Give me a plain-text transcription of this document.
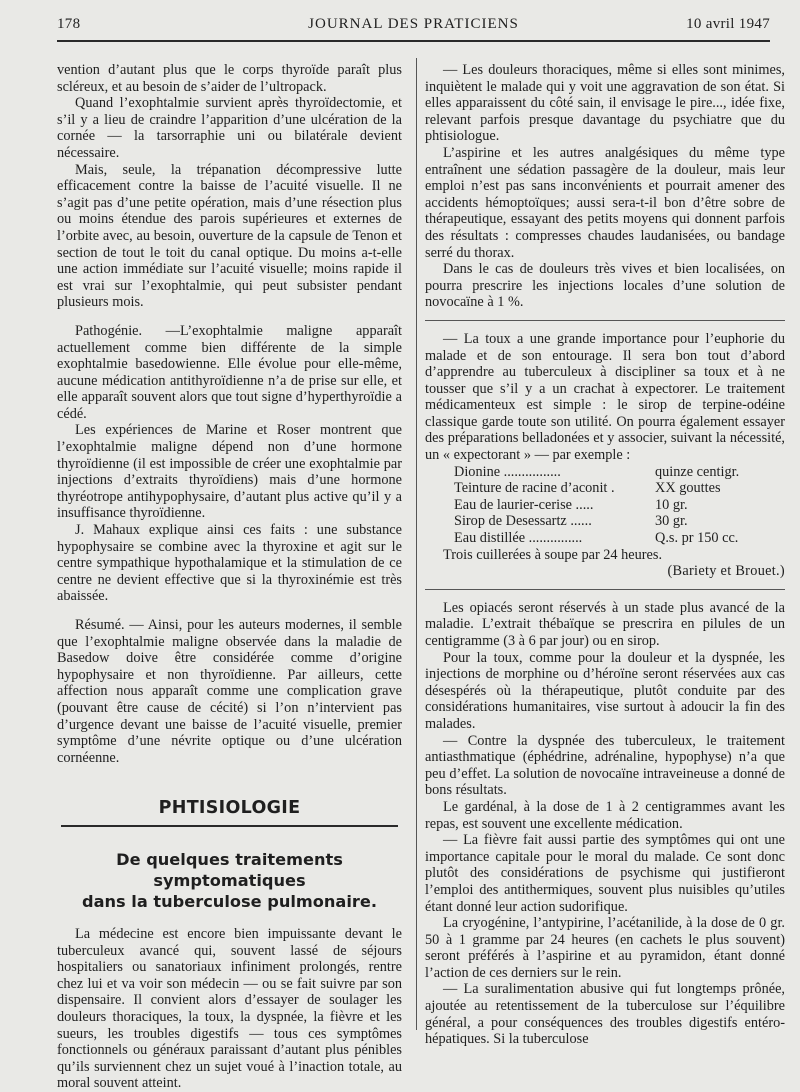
178	JOURNAL DES PRATICIENS	10 avril 1947

vention d’autant plus que le corps thyroïde paraît plus scléreux, et au besoin de s’aider de l’ultropack.

Quand l’exophtalmie survient après thyroïdectomie, et s’il y a lieu de craindre l’apparition d’une ulcération de la cornée — la tarsorraphie uni ou bilatérale devient nécessaire.

Mais, seule, la trépanation décompressive lutte efficacement contre la baisse de l’acuité visuelle. Il ne s’agit pas d’une petite opération, mais d’une résection plus ou moins étendue des parois supérieures et externes de l’orbite avec, au besoin, ouverture de la capsule de Tenon et section de tout le toit du canal optique. Du moins a-t-elle une action immédiate sur l’acuité visuelle; moins rapide il est vrai sur l’exophtalmie, qui peut subsister pendant plusieurs mois.

Pathogénie. —L’exophtalmie maligne apparaît actuellement comme bien différente de la simple exophtalmie basedowienne. Elle évolue pour elle-même, aucune médication antithyroïdienne n’a de prise sur elle, et elle apparaît souvent alors que tout signe d’hyperthyroïdie a cédé.

Les expériences de Marine et Roser montrent que l’exophtalmie maligne dépend non d’une hormone thyroïdienne (il est impossible de créer une exophtalmie par injections d’extraits thyroïdiens) mais d’une hormone thyréotrope antihypophysaire, d’autant plus active qu’il y a insuffisance thyroïdienne.

J. Mahaux explique ainsi ces faits : une substance hypophysaire se combine avec la thyroxine et agit sur le centre sympathique hypothalamique et la stimulation de ce centre ne devient effective que si la thyroxinémie est très abaissée.

Résumé. — Ainsi, pour les auteurs modernes, il semble que l’exophtalmie maligne observée dans la maladie de Basedow doive être considérée comme d’origine hypophysaire et non thyroïdienne. Par ailleurs, cette affection nous apparaît comme une complication grave (pouvant être cause de cécité) si l’on n’intervient pas d’urgence devant une baisse de l’acuité visuelle, premier symptôme d’une névrite optique ou d’une ulcération cornéenne.

PHTISIOLOGIE
De quelques traitements symptomatiques
dans la tuberculose pulmonaire.

La médecine est encore bien impuissante devant le tuberculeux avancé qui, souvent lassé de séjours hospitaliers ou sanatoriaux infiniment prolongés, rentre chez lui et va voir son médecin — ou se fait suivre par son dispensaire. Il convient alors d’essayer de soulager les douleurs thoraciques, la toux, la dyspnée, la fièvre et les sueurs, les troubles digestifs — tous ces symptômes fonctionnels ou généraux paraissant d’autant plus pénibles qu’ils surviennent chez un sujet voué à l’inaction totale, au moral souvent atteint.

— Les douleurs thoraciques, même si elles sont minimes, inquiètent le malade qui y voit une aggravation de son état. Si elles apparaissent du côté sain, il envisage le pire..., idée fixe, relevant parfois presque davantage du psychiatre que du phtisiologue.

L’aspirine et les autres analgésiques du même type entraînent une sédation passagère de la douleur, mais leur emploi n’est pas sans inconvénients et pourrait amener des accidents hémoptoïques; aussi sera-t-il bon d’être sobre de thérapeutique, essayant des petits moyens qui donnent parfois des résultats : compresses chaudes laudanisées, ou bandage serré du thorax.

Dans le cas de douleurs très vives et bien localisées, on pourra prescrire les injections locales d’une solution de novocaïne à 1 %.

— La toux a une grande importance pour l’euphorie du malade et de son entourage. Il sera bon tout d’abord d’apprendre au tuberculeux à discipliner sa toux et à ne tousser que s’il y a un crachat à expectorer. Le traitement médicamenteux est simple : le sirop de terpine-odéine classique garde toute son utilité. On pourra également essayer des préparations belladonées et y associer, suivant la nécessité, un « expectorant » — par exemple :

Dionine ................	quinze centigr.
Teinture de racine d’aconit .	XX gouttes
Eau de laurier-cerise .....	10 gr.
Sirop de Desessartz ......	30 gr.
Eau distillée ...............	Q.s. pr 150 cc.

Trois cuillerées à soupe par 24 heures.

(Bariety et Brouet.)

Les opiacés seront réservés à un stade plus avancé de la maladie. L’extrait thébaïque se prescrira en pilules de un centigramme (3 à 6 par jour) ou en sirop.

Pour la toux, comme pour la douleur et la dyspnée, les injections de morphine ou d’héroïne seront réservées aux cas désespérés où la thérapeutique, plutôt conduite par des considérations humanitaires, vise surtout à adoucir la fin des malades.

— Contre la dyspnée des tuberculeux, le traitement antiasthmatique (éphédrine, adrénaline, hypophyse) n’a que peu d’effet. La solution de novocaïne intraveineuse a donné de bons résultats.

Le gardénal, à la dose de 1 à 2 centigrammes avant les repas, est souvent une excellente médication.

— La fièvre fait aussi partie des symptômes qui ont une importance capitale pour le moral du malade. Ce sont donc plutôt des considérations de psychisme qui justifieront l’emploi des antithermiques, souvent plus nuisibles qu’utiles étant donné leur action sudorifique.

La cryogénine, l’antypirine, l’acétanilide, à la dose de 0 gr. 50 à 1 gramme par 24 heures (en cachets le plus souvent) seront préférés à l’aspirine et au pyramidon, étant donné l’action de ces derniers sur le rein.

— La suralimentation abusive qui fut longtemps prônée, ajoutée au retentissement de la tuberculose sur l’équilibre général, a pour conséquences des troubles digestifs entéro-hépatiques. Si la tuberculose
